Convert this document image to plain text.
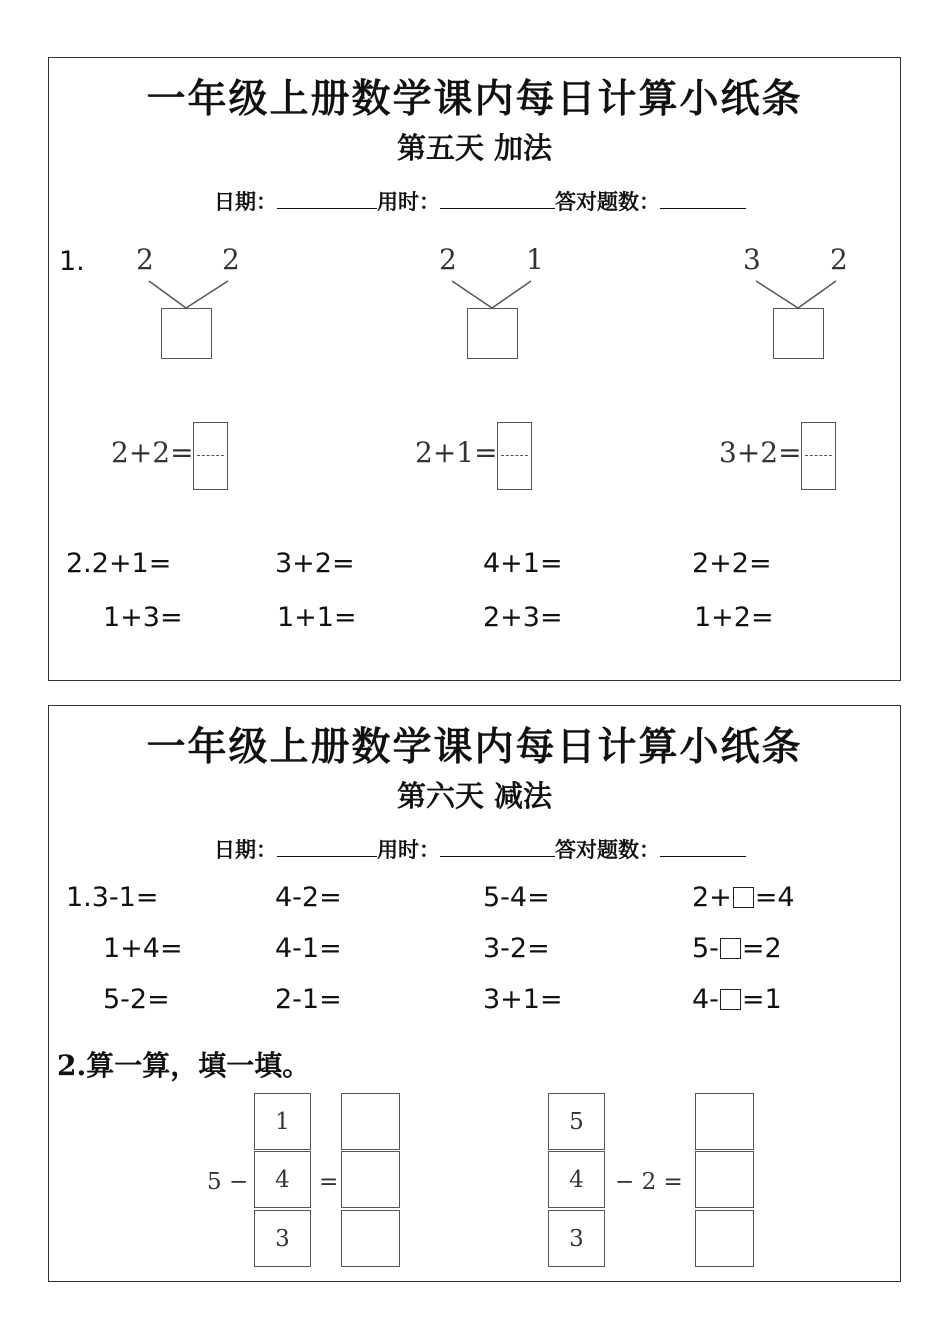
一年级上册数学课内每日计算小纸条
第五天 加法
日期：	用时：	答对题数：
1. 2 2	2 1	3 2
2+2=	2+1=	3+2=
2.2+1=	3+2=	4+1=	2+2=
1+3=	1+1=	2+3=	1+2=
一年级上册数学课内每日计算小纸条
第六天 减法
日期：	用时：	答对题数：
1.3-1=	4-2=	5-4=	2+ =4
1+4=	4-1=	3-2=	5- =2
5-2=	2-1=	3+1=	4- =1
2.算一算，填一填。
5 −
1
4
3
=
5
4
3
− 2 =
